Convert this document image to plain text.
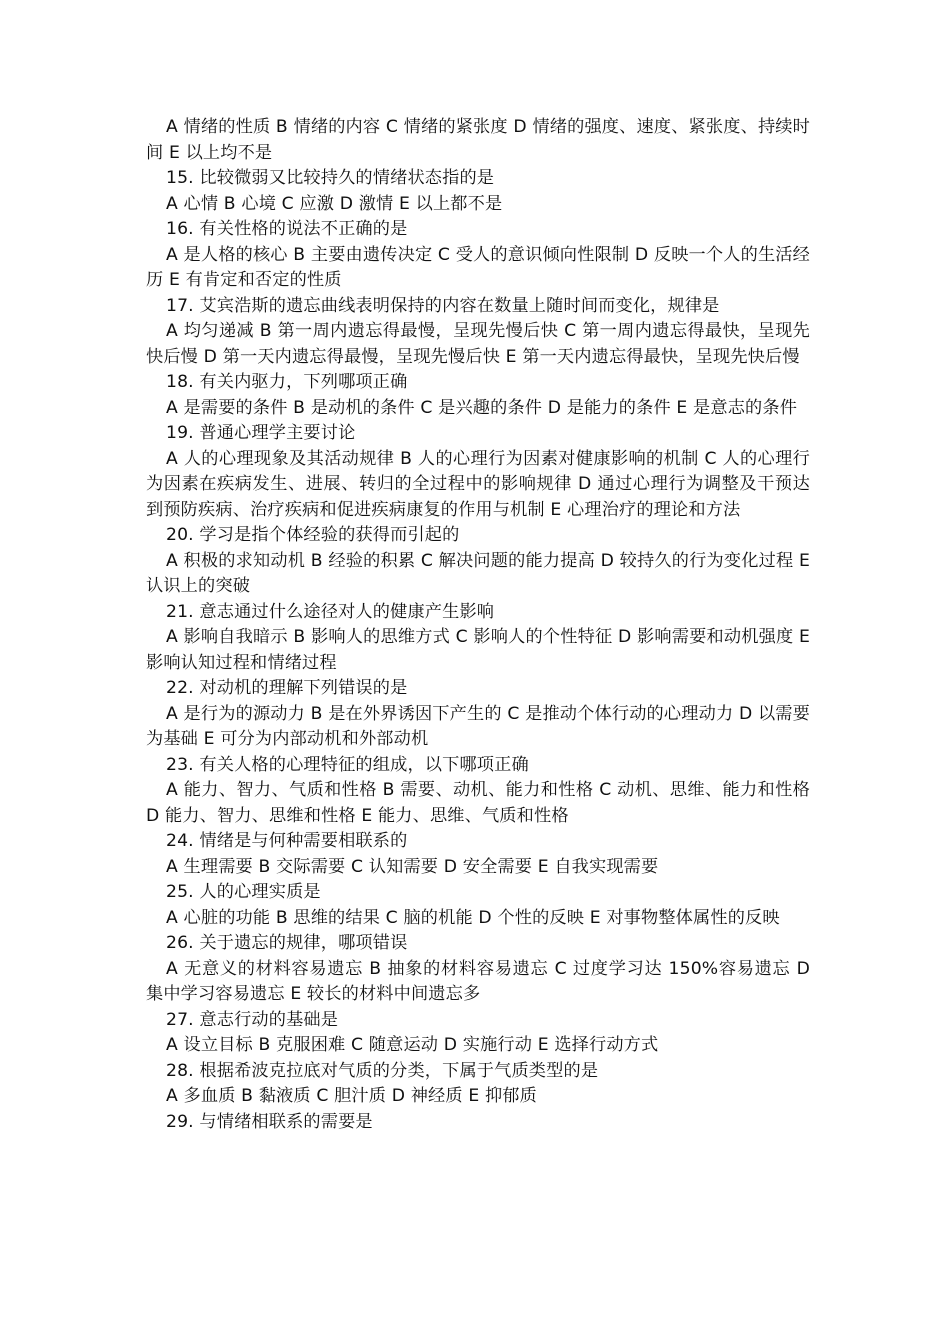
A 情绪的性质 B 情绪的内容 C 情绪的紧张度 D 情绪的强度、速度、紧张度、持续时间 E 以上均不是

15. 比较微弱又比较持久的情绪状态指的是

A 心情 B 心境 C 应激 D 激情 E 以上都不是

16. 有关性格的说法不正确的是

A 是人格的核心 B 主要由遗传决定 C 受人的意识倾向性限制 D 反映一个人的生活经历 E 有肯定和否定的性质

17. 艾宾浩斯的遗忘曲线表明保持的内容在数量上随时间而变化，规律是

A 均匀递减 B 第一周内遗忘得最慢，呈现先慢后快 C 第一周内遗忘得最快，呈现先快后慢 D 第一天内遗忘得最慢，呈现先慢后快 E 第一天内遗忘得最快，呈现先快后慢

18. 有关内驱力，下列哪项正确

A 是需要的条件 B 是动机的条件 C 是兴趣的条件 D 是能力的条件 E 是意志的条件

19. 普通心理学主要讨论

A 人的心理现象及其活动规律 B 人的心理行为因素对健康影响的机制 C 人的心理行为因素在疾病发生、进展、转归的全过程中的影响规律 D 通过心理行为调整及干预达到预防疾病、治疗疾病和促进疾病康复的作用与机制 E 心理治疗的理论和方法

20. 学习是指个体经验的获得而引起的

A 积极的求知动机 B 经验的积累 C 解决问题的能力提高 D 较持久的行为变化过程 E 认识上的突破

21. 意志通过什么途径对人的健康产生影响

A 影响自我暗示 B 影响人的思维方式 C 影响人的个性特征 D 影响需要和动机强度 E 影响认知过程和情绪过程

22. 对动机的理解下列错误的是

A 是行为的源动力 B 是在外界诱因下产生的 C 是推动个体行动的心理动力 D 以需要为基础 E 可分为内部动机和外部动机

23. 有关人格的心理特征的组成，以下哪项正确

A 能力、智力、气质和性格 B 需要、动机、能力和性格 C 动机、思维、能力和性格 D 能力、智力、思维和性格 E 能力、思维、气质和性格

24. 情绪是与何种需要相联系的

A 生理需要 B 交际需要 C 认知需要 D 安全需要 E 自我实现需要

25. 人的心理实质是

A 心脏的功能 B 思维的结果 C 脑的机能 D 个性的反映 E 对事物整体属性的反映

26. 关于遗忘的规律，哪项错误

A 无意义的材料容易遗忘 B 抽象的材料容易遗忘 C 过度学习达 150%容易遗忘 D 集中学习容易遗忘 E 较长的材料中间遗忘多

27. 意志行动的基础是

A 设立目标 B 克服困难 C 随意运动 D 实施行动 E 选择行动方式

28. 根据希波克拉底对气质的分类，下属于气质类型的是

A 多血质 B 黏液质 C 胆汁质 D 神经质 E 抑郁质

29. 与情绪相联系的需要是
